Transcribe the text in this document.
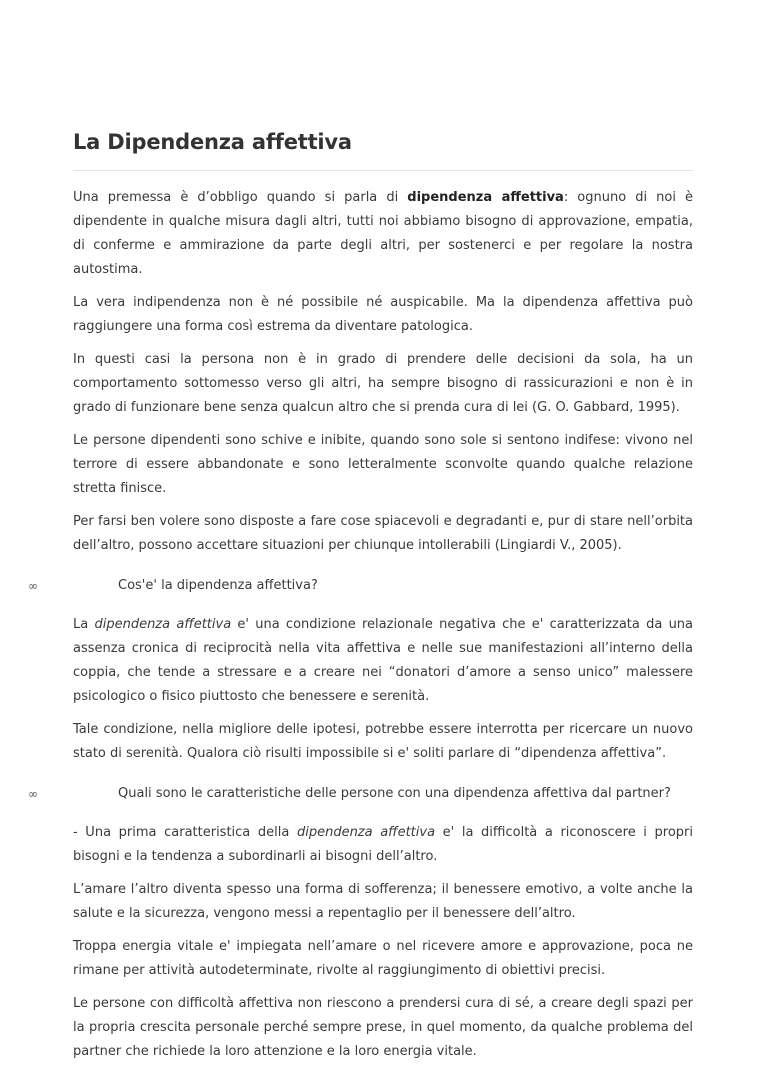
La Dipendenza affettiva

Una premessa è d’obbligo quando si parla di dipendenza affettiva: ognuno di noi è dipendente in qualche misura dagli altri, tutti noi abbiamo bisogno di approvazione, empatia, di conferme e ammirazione da parte degli altri, per sostenerci e per regolare la nostra autostima.

La vera indipendenza non è né possibile né auspicabile. Ma la dipendenza affettiva può raggiungere una forma così estrema da diventare patologica.

In questi casi la persona non è in grado di prendere delle decisioni da sola, ha un comportamento sottomesso verso gli altri, ha sempre bisogno di rassicurazioni e non è in grado di funzionare bene senza qualcun altro che si prenda cura di lei (G. O. Gabbard, 1995).

Le persone dipendenti sono schive e inibite, quando sono sole si sentono indifese: vivono nel terrore di essere abbandonate e sono letteralmente sconvolte quando qualche relazione stretta finisce.

Per farsi ben volere sono disposte a fare cose spiacevoli e degradanti e, pur di stare nell’orbita dell’altro, possono accettare situazioni per chiunque intollerabili (Lingiardi V., 2005).

∞	Cos'e' la dipendenza affettiva?

La dipendenza affettiva e' una condizione relazionale negativa che e' caratterizzata da una assenza cronica di reciprocità nella vita affettiva e nelle sue manifestazioni all’interno della coppia, che tende a stressare e a creare nei “donatori d’amore a senso unico” malessere psicologico o fisico piuttosto che benessere e serenità.

Tale condizione, nella migliore delle ipotesi, potrebbe essere interrotta per ricercare un nuovo stato di serenità. Qualora ciò risulti impossibile si e' soliti parlare di “dipendenza affettiva”.

∞	Quali sono le caratteristiche delle persone con una dipendenza affettiva dal partner?

- Una prima caratteristica della dipendenza affettiva e' la difficoltà a riconoscere i propri bisogni e la tendenza a subordinarli ai bisogni dell’altro.

L’amare l’altro diventa spesso una forma di sofferenza; il benessere emotivo, a volte anche la salute e la sicurezza, vengono messi a repentaglio per il benessere dell’altro.

Troppa energia vitale e' impiegata nell’amare o nel ricevere amore e approvazione, poca ne rimane per attività autodeterminate, rivolte al raggiungimento di obiettivi precisi.

Le persone con difficoltà affettiva non riescono a prendersi cura di sé, a creare degli spazi per la propria crescita personale perché sempre prese, in quel momento, da qualche problema del partner che richiede la loro attenzione e la loro energia vitale.
